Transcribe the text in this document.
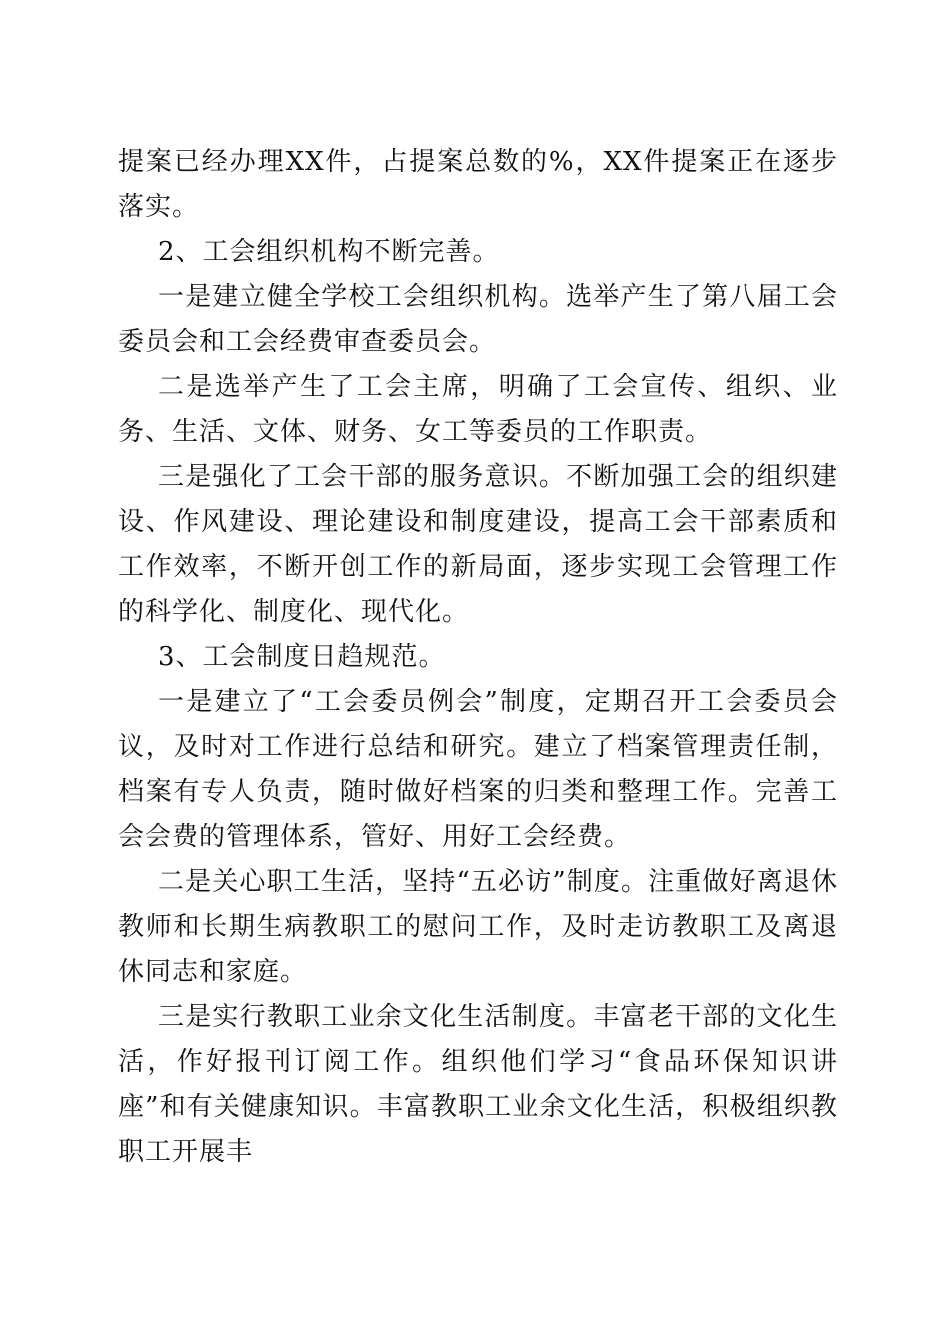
提案已经办理XX件，占提案总数的%，XX件提案正在逐步落实。

2、工会组织机构不断完善。

一是建立健全学校工会组织机构。选举产生了第八届工会委员会和工会经费审查委员会。

二是选举产生了工会主席，明确了工会宣传、组织、业务、生活、文体、财务、女工等委员的工作职责。

三是强化了工会干部的服务意识。不断加强工会的组织建设、作风建设、理论建设和制度建设，提高工会干部素质和工作效率，不断开创工作的新局面，逐步实现工会管理工作的科学化、制度化、现代化。

3、工会制度日趋规范。

一是建立了“工会委员例会”制度，定期召开工会委员会议，及时对工作进行总结和研究。建立了档案管理责任制，档案有专人负责，随时做好档案的归类和整理工作。完善工会会费的管理体系，管好、用好工会经费。

二是关心职工生活，坚持“五必访”制度。注重做好离退休教师和长期生病教职工的慰问工作，及时走访教职工及离退休同志和家庭。

三是实行教职工业余文化生活制度。丰富老干部的文化生活，作好报刊订阅工作。组织他们学习“食品环保知识讲座”和有关健康知识。丰富教职工业余文化生活，积极组织教职工开展丰
